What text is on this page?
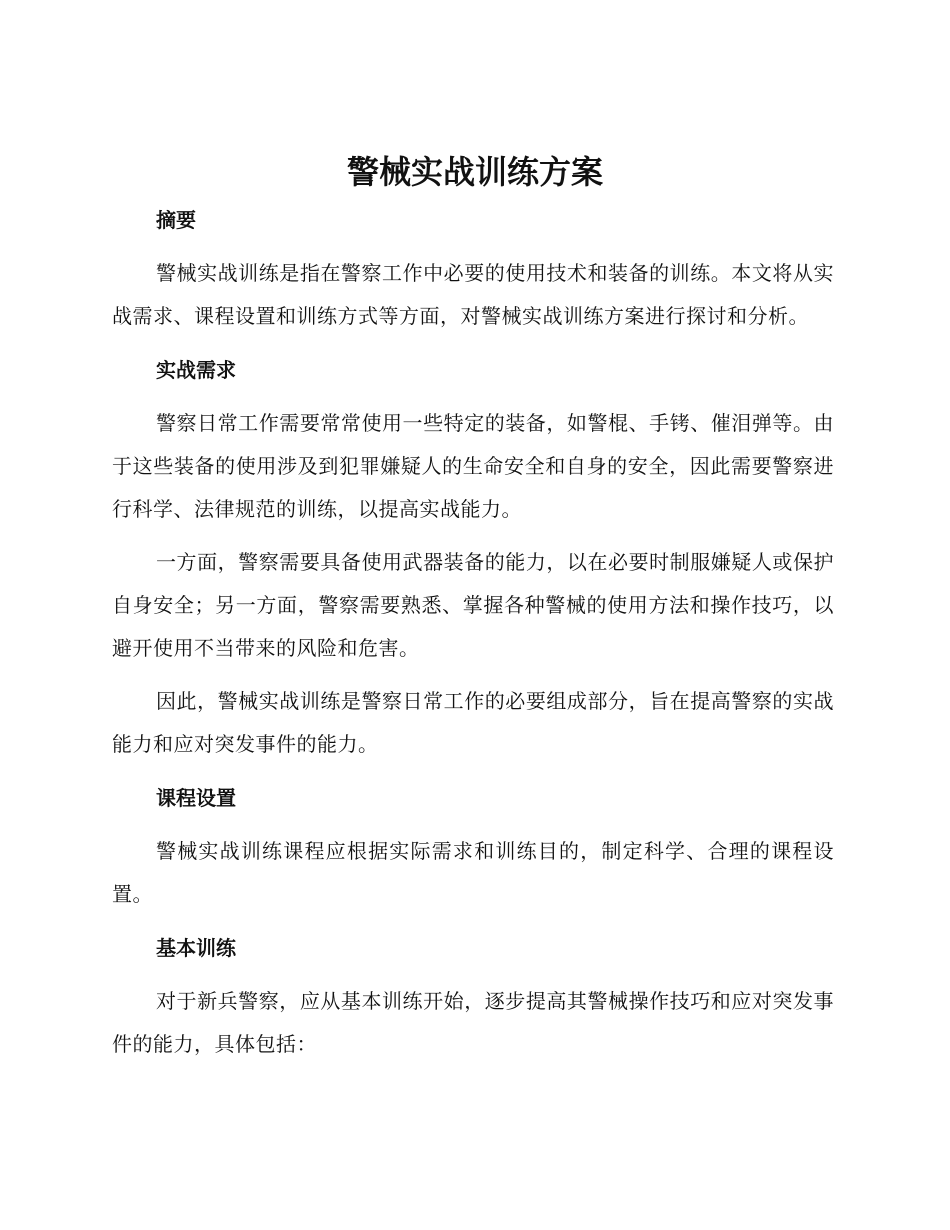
警械实战训练方案
摘要

警械实战训练是指在警察工作中必要的使用技术和装备的训练。本文将从实战需求、课程设置和训练方式等方面，对警械实战训练方案进行探讨和分析。

实战需求

警察日常工作需要常常使用一些特定的装备，如警棍、手铐、催泪弹等。由于这些装备的使用涉及到犯罪嫌疑人的生命安全和自身的安全，因此需要警察进行科学、法律规范的训练，以提高实战能力。

一方面，警察需要具备使用武器装备的能力，以在必要时制服嫌疑人或保护自身安全；另一方面，警察需要熟悉、掌握各种警械的使用方法和操作技巧，以避开使用不当带来的风险和危害。

因此，警械实战训练是警察日常工作的必要组成部分，旨在提高警察的实战能力和应对突发事件的能力。

课程设置

警械实战训练课程应根据实际需求和训练目的，制定科学、合理的课程设置。

基本训练

对于新兵警察，应从基本训练开始，逐步提高其警械操作技巧和应对突发事件的能力，具体包括：
